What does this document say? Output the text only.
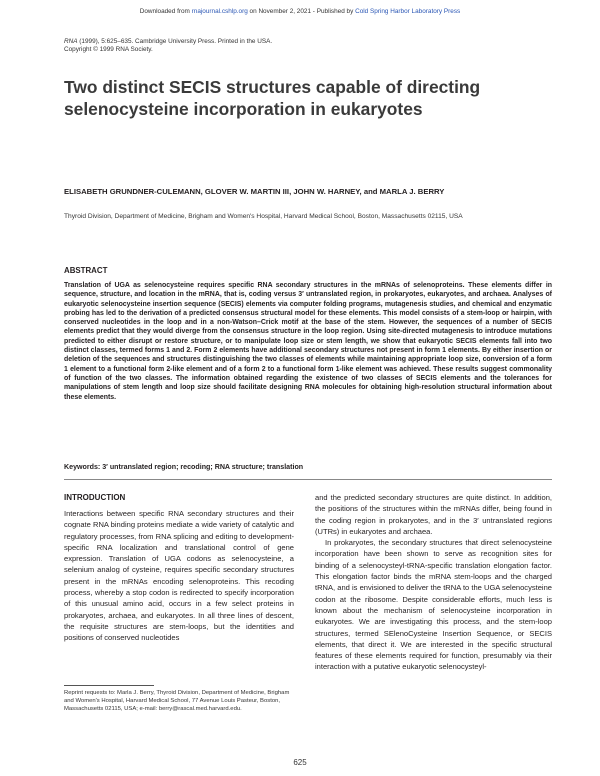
Downloaded from rnajournal.cshlp.org on November 2, 2021 - Published by Cold Spring Harbor Laboratory Press
RNA (1999), 5:625–635. Cambridge University Press. Printed in the USA.
Copyright © 1999 RNA Society.
Two distinct SECIS structures capable of directing selenocysteine incorporation in eukaryotes
ELISABETH GRUNDNER-CULEMANN, GLOVER W. MARTIN III, JOHN W. HARNEY, and MARLA J. BERRY
Thyroid Division, Department of Medicine, Brigham and Women's Hospital, Harvard Medical School, Boston, Massachusetts 02115, USA
ABSTRACT
Translation of UGA as selenocysteine requires specific RNA secondary structures in the mRNAs of selenoproteins. These elements differ in sequence, structure, and location in the mRNA, that is, coding versus 3′ untranslated region, in prokaryotes, eukaryotes, and archaea. Analyses of eukaryotic selenocysteine insertion sequence (SECIS) elements via computer folding programs, mutagenesis studies, and chemical and enzymatic probing has led to the derivation of a predicted consensus structural model for these elements. This model consists of a stem-loop or hairpin, with conserved nucleotides in the loop and in a non-Watson–Crick motif at the base of the stem. However, the sequences of a number of SECIS elements predict that they would diverge from the consensus structure in the loop region. Using site-directed mutagenesis to introduce mutations predicted to either disrupt or restore structure, or to manipulate loop size or stem length, we show that eukaryotic SECIS elements fall into two distinct classes, termed forms 1 and 2. Form 2 elements have additional secondary structures not present in form 1 elements. By either insertion or deletion of the sequences and structures distinguishing the two classes of elements while maintaining appropriate loop size, conversion of a form 1 element to a functional form 2-like element and of a form 2 to a functional form 1-like element was achieved. These results suggest commonality of function of the two classes. The information obtained regarding the existence of two classes of SECIS elements and the tolerances for manipulations of stem length and loop size should facilitate designing RNA molecules for obtaining high-resolution structural information about these elements.
Keywords: 3′ untranslated region; recoding; RNA structure; translation
INTRODUCTION

Interactions between specific RNA secondary structures and their cognate RNA binding proteins mediate a wide variety of catalytic and regulatory processes, from RNA splicing and editing to development-specific RNA localization and translational control of gene expression. Translation of UGA codons as selenocysteine, a selenium analog of cysteine, requires specific secondary structures present in the mRNAs encoding selenoproteins. This recoding process, whereby a stop codon is redirected to specify incorporation of this unusual amino acid, occurs in a few select proteins in prokaryotes, archaea, and eukaryotes. In all three lines of descent, the requisite structures are stem-loops, but the identities and positions of conserved nucleotides

and the predicted secondary structures are quite distinct. In addition, the positions of the structures within the mRNAs differ, being found in the coding region in prokaryotes, and in the 3′ untranslated regions (UTRs) in eukaryotes and archaea.

In prokaryotes, the secondary structures that direct selenocysteine incorporation have been shown to serve as recognition sites for binding of a selenocysteyl-tRNA-specific translation elongation factor. This elongation factor binds the mRNA stem-loops and the charged tRNA, and is envisioned to deliver the tRNA to the UGA selenocysteine codon at the ribosome. Despite considerable efforts, much less is known about the mechanism of selenocysteine incorporation in eukaryotes. We are investigating this process, and the stem-loop structures, termed SElenoCysteine Insertion Sequence, or SECIS elements, that direct it. We are interested in the specific structural features of these elements required for function, presumably via their interaction with a putative eukaryotic selenocysteyl-

Reprint requests to: Marla J. Berry, Thyroid Division, Department of Medicine, Brigham and Women's Hospital, Harvard Medical School, 77 Avenue Louis Pasteur, Boston, Massachusetts 02115, USA; e-mail: berry@rascal.med.harvard.edu.
625
